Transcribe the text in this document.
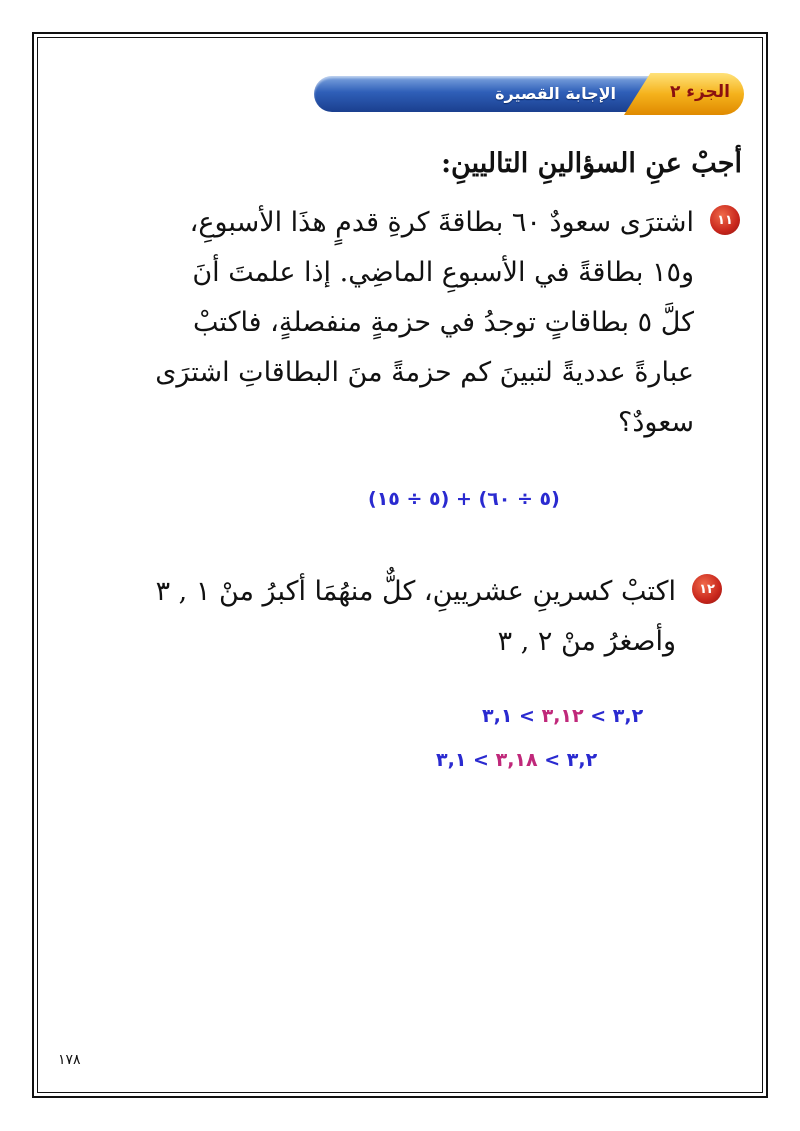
الجزء ٢
الإجابة القصيرة
أجبْ عنِ السؤالينِ التاليينِ:
١١
اشترَى سعودٌ ٦٠ بطاقةَ كرةِ قدمٍ هذَا الأسبوعِ،
و١٥ بطاقةً في الأسبوعِ الماضِي. إذا علمتَ أنَ
كلَّ ٥ بطاقاتٍ توجدُ في حزمةٍ منفصلةٍ، فاكتبْ
عبارةً عدديةً لتبينَ كم حزمةً منَ البطاقاتِ اشترَى
سعودٌ؟
(٥ ÷ ١٥) + (٥ ÷ ٦٠)
١٢
اكتبْ كسرينِ عشريينِ، كلٌّ منهُمَا أكبرُ منْ ١ , ٣
وأصغرُ منْ ٢ , ٣
٣,٢ > ٣,١٢ > ٣,١
٣,٢ > ٣,١٨ > ٣,١
١٧٨
